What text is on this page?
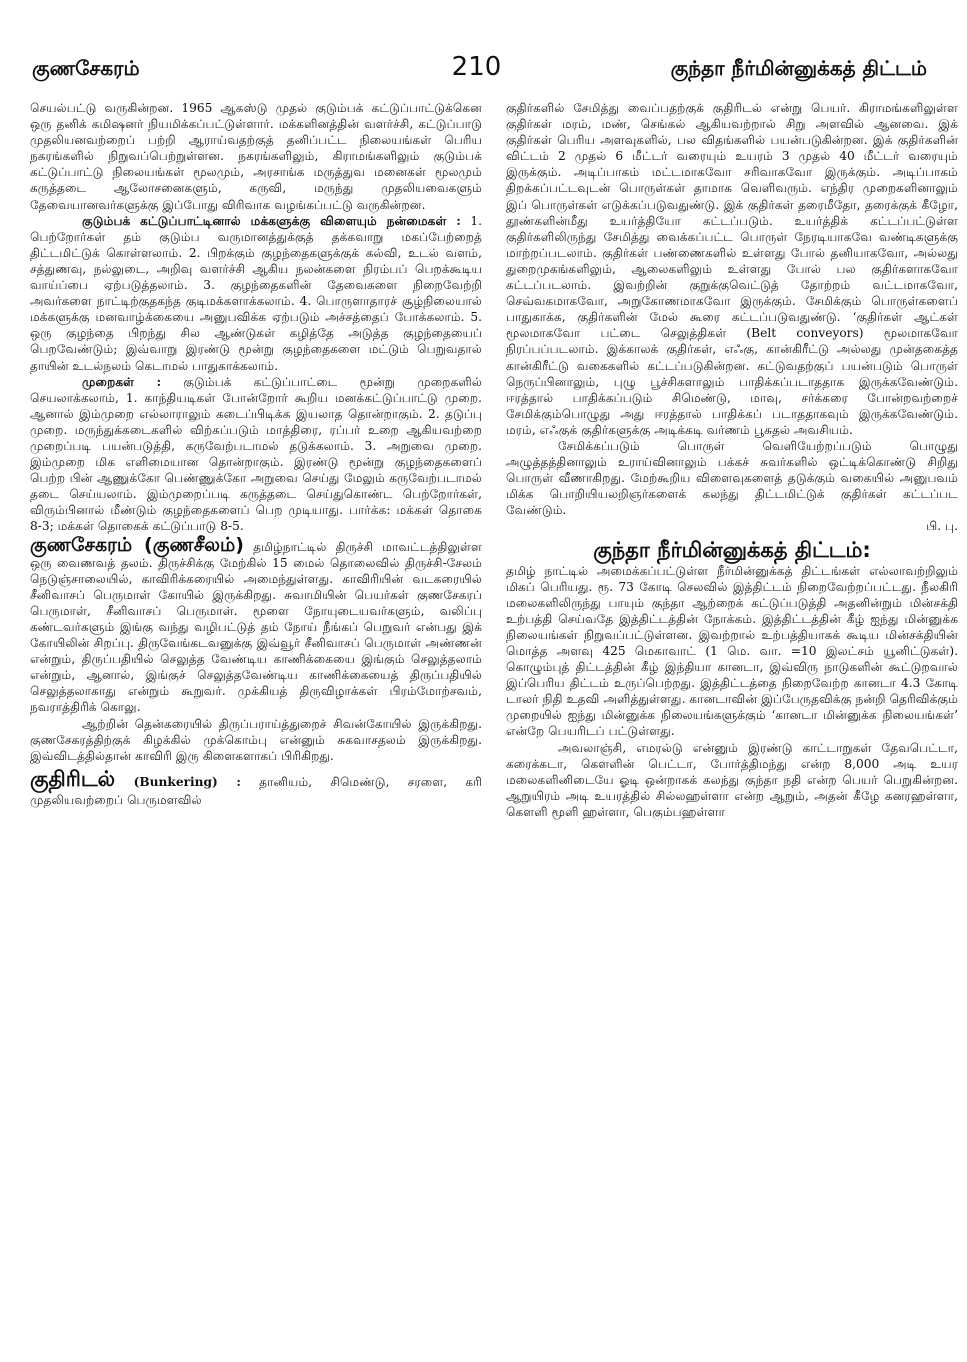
குணசேகரம்	210	குந்தா நீர்மின்னுக்கத் திட்டம்

செயல்பட்டு வருகின்றன. 1965 ஆகஸ்டு முதல் குடும்பக் கட்டுப்பாட்டுக்கென ஒரு தனிக் கமிஷனர் நியமிக்கப்பட்டுள்ளார். மக்களினத்தின் வளர்ச்சி, கட்டுப்பாடு முதலியனவற்றைப் பற்றி ஆராய்வதற்குத் தனிப்பட்ட நிலையங்கள் பெரிய நகரங்களில் நிறுவப்பெற்றுள்ளன. நகரங்களிலும், கிராமங்களிலும் குடும்பக் கட்டுப்பாட்டு நிலையங்கள் மூலமும், அரசாங்க மருத்துவ மனைகள் மூலமும் கருத்தடை ஆலோசனைகளும், கருவி, மருந்து முதலியவைகளும் தேவையானவர்களுக்கு இப்போது விரிவாக வழங்கப்பட்டு வருகின்றன.

குடும்பக் கட்டுப்பாட்டினால் மக்களுக்கு விளையும் நன்மைகள் : 1. பெற்றோர்கள் தம் குடும்ப வருமானத்துக்குத் தக்கவாறு மகப்பேற்றைத் திட்டமிட்டுக் கொள்ளலாம். 2. பிறக்கும் குழந்தைகளுக்குக் கல்வி, உடல் வளம், சத்துணவு, நல்லுடை, அறிவு வளர்ச்சி ஆகிய நலன்களை நிரம்பப் பெறக்கூடிய வாய்ப்பை ஏற்படுத்தலாம். 3. குழந்தைகளின் தேவைகளை நிறைவேற்றி அவர்களை நாட்டிற்குதகந்த குடிமக்களாக்கலாம். 4. பொருளாதாரச் சூழ்நிலையால் மக்களுக்கு மனவாழ்க்கையை அனுபவிக்க ஏற்படும் அச்சத்தைப் போக்கலாம். 5. ஒரு குழந்தை பிறந்து சில ஆண்டுகள் கழித்தே அடுத்த குழந்தையைப் பெறவேண்டும்; இவ்வாறு இரண்டு மூன்று குழந்தைகளை மட்டும் பெறுவதால் தாயின் உடல்நலம் கெடாமல் பாதுகாக்கலாம்.

முறைகள் : குடும்பக் கட்டுப்பாட்டை மூன்று முறைகளில் செயலாக்கலாம், 1. காந்தியடிகள் போன்றோர் கூறிய மனக்கட்டுப்பாட்டு முறை. ஆனால் இம்முறை எல்லாராலும் கடைப்பிடிக்க இயலாத தொன்றாகும். 2. தடுப்பு முறை. மருந்துக்கடைகளில் விற்கப்படும் மாத்திரை, ரப்பர் உறை ஆகியவற்றை முறைப்படி பயன்படுத்தி, கருவேற்படாமல் தடுக்கலாம். 3. அறுவை முறை. இம்முறை மிக எளிமையான தொன்றாகும். இரண்டு மூன்று குழந்தைகளைப் பெற்ற பின் ஆணுக்கோ பெண்ணுக்கோ அறுவை செய்து மேலும் கருவேற்படாமல் தடை செய்யலாம். இம்முறைப்படி கருத்தடை செய்துகொண்ட பெற்றோர்கள், விரும்பினால் மீண்டும் குழந்தைகளைப் பெற முடியாது. பார்க்க: மக்கள் தொகை 8-3; மக்கள் தொகைக் கட்டுப்பாடு 8-5.

குணசேகரம் (குணசீலம்) தமிழ்நாட்டில் திருச்சி மாவட்டத்திலுள்ள ஒரு வைணவத் தலம். திருச்சிக்கு மேற்கில் 15 மைல் தொலைவில் திருச்சி-சேலம் நெடுஞ்சாலையில், காவிரிக்கரையில் அமைந்துள்ளது. காவிரியின் வடகரையில் சீனிவாசப் பெருமாள் கோயில் இருக்கிறது. சுவாமியின் பெயர்கள் குணசேகரப் பெருமாள், சீனிவாசப் பெருமாள். மூளை நோயுடையவர்களும், வலிப்பு கண்டவர்களும் இங்கு வந்து வழிபட்டுத் தம் நோய் நீங்கப் பெறுவர் என்பது இக் கோயிலின் சிறப்பு. திருவேங்கடவனுக்கு இவ்வூர் சீனிவாசப் பெருமாள் அண்ணன் என்றும், திருப்பதியில் செலுத்த வேண்டிய காணிக்கையை இங்கும் செலுத்தலாம் என்றும், ஆனால், இங்குச் செலுத்தவேண்டிய காணிக்கையைத் திருப்பதியில் செலுத்தலாகாது என்றும் கூறுவர். முக்கியத் திருவிழாக்கள் பிரம்மோற்சவம், நவராத்திரிக் கொலு.

ஆற்றின் தென்கரையில் திருப்பராய்த்துறைச் சிவன்கோயில் இருக்கிறது. குணசேகரத்திற்குக் கிழக்கில் முக்கொம்பு என்னும் சுகவாசதலம் இருக்கிறது. இவ்விடத்தில்தான் காவிரி இரு கிளைகளாகப் பிரிகிறது.

குதிரிடல் (Bunkering) : தானியம், சிமெண்டு, சரளை, கரி முதலியவற்றைப் பெருமளவில்

குதிர்களில் சேமித்து வைப்பதற்குக் குதிரிடல் என்று பெயர். கிராமங்களிலுள்ள குதிர்கள் மரம், மண், செங்கல் ஆகியவற்றால் சிறு அளவில் ஆனவை. இக் குதிர்கள் பெரிய அளவுகளில், பல விதங்களில் பயன்படுகின்றன. இக் குதிர்களின் விட்டம் 2 முதல் 6 மீட்டர் வரையும் உயரம் 3 முதல் 40 மீட்டர் வரையும் இருக்கும். அடிப்பாகம் மட்டமாகவோ சரிவாகவோ இருக்கும். அடிப்பாகம் திறக்கப்பட்டவுடன் பொருள்கள் தாமாக வெளிவரும். எந்திர முறைகளினாலும் இப் பொருள்கள் எடுக்கப்படுவதுண்டு. இக் குதிர்கள் தரைமீதோ, தரைக்குக் கீழோ, தூண்களின்மீது உயர்த்தியோ கட்டப்படும். உயர்த்திக் கட்டப்பட்டுள்ள குதிர்களிலிருந்து சேமித்து வைக்கப்பட்ட பொருள் நேரடியாகவே வண்டிகளுக்கு மாற்றப்படலாம். குதிர்கள் பண்ணைகளில் உள்ளது போல் தனியாகவோ, அல்லது துறைமுகங்களிலும், ஆலைகளிலும் உள்ளது போல் பல குதிர்களாகவோ கட்டப்படலாம். இவற்றின் குறுக்குவெட்டுத் தோற்றம் வட்டமாகவோ, செவ்வகமாகவோ, அறுகோணமாகவோ இருக்கும். சேமிக்கும் பொருள்களைப் பாதுகாக்க, குதிர்களின் மேல் கூரை கட்டப்படுவதுண்டு. ‘குதிர்கள் ஆட்கள் மூலமாகவோ பட்டை செலுத்திகள் (Belt conveyors) மூலமாகவோ நிரப்பப்படலாம். இக்காலக் குதிர்கள், எஃகு, கான்கிரீட்டு அல்லது முன்தகைத்த கான்கிரீட்டு வகைகளில் கட்டப்படுகின்றன. கட்டுவதற்குப் பயன்படும் பொருள் நெருப்பினாலும், புழு பூச்சிகளாலும் பாதிக்கப்படாததாக இருக்கவேண்டும். ஈரத்தால் பாதிக்கப்படும் சிமெண்டு, மாவு, சர்க்கரை போன்றவற்றைச் சேமிக்கும்பொழுது அது ஈரத்தால் பாதிக்கப் படாததாகவும் இருக்கவேண்டும். மரம், எஃகுக் குதிர்களுக்கு அடிக்கடி வர்ணம் பூசுதல் அவசியம்.

சேமிக்கப்படும் பொருள் வெளியேற்றப்படும் பொழுது அழுத்தத்தினாலும் உராய்வினாலும் பக்கச் சுவர்களில் ஒட்டிக்கொண்டு சிறிது பொருள் வீணாகிறது. மேற்கூறிய விளைவுகளைத் தடுக்கும் வகையில் அனுபவம் மிக்க பொறியியலறிஞர்களைக் கலந்து திட்டமிட்டுக் குதிர்கள் கட்டப்பட வேண்டும்.

பி. பு.

குந்தா நீர்மின்னுக்கத் திட்டம்:

தமிழ் நாட்டில் அமைக்கப்பட்டுள்ள நீர்மின்னுக்கத் திட்டங்கள் எல்லாவற்றிலும் மிகப் பெரியது. ரூ. 73 கோடி செலவில் இத்திட்டம் நிறைவேற்றப்பட்டது. நீலகிரி மலைகளிலிருந்து பாயும் குந்தா ஆற்றைக் கட்டுப்படுத்தி அதனின்றும் மின்சக்தி உற்பத்தி செய்வதே இத்திட்டத்தின் நோக்கம். இத்திட்டத்தின் கீழ் ஐந்து மின்னுக்க நிலையங்கள் நிறுவப்பட்டுள்ளன. இவற்றால் உற்பத்தியாகக் கூடிய மின்சக்தியின் மொத்த அளவு 425 மெகாவாட் (1 மெ. வா. =10 இலட்சம் யூனிட்டுகள்). கொழும்புத் திட்டத்தின் கீழ் இந்தியா கானடா, இவ்விரு நாடுகளின் கூட்டுறவால் இப்பெரிய திட்டம் உருப்பெற்றது. இத்திட்டத்தை நிறைவேற்ற கானடா 4.3 கோடி டாலர் நிதி உதவி அளித்துள்ளது. கானடாவின் இப்பேருதவிக்கு நன்றி தெரிவிக்கும் முறையில் ஐந்து மின்னுக்க நிலையங்களுக்கும் ‘கானடா மின்னுக்க நிலையங்கள்’ என்றே பெயரிடப் பட்டுள்ளது.

அவலாஞ்சி, எமரல்டு என்னும் இரண்டு காட்டாறுகள் தேவபெட்டா, கரைக்கடா, கௌளின் பெட்டா, போர்த்திமந்து என்ற 8,000 அடி உயர மலைகளினிடையே ஓடி ஒன்றாகக் கலந்து குந்தா நதி என்ற பெயர் பெறுகின்றன. ஆறுயிரம் அடி உயரத்தில் சில்லஹள்ளா என்ற ஆறும், அதன் கீழே கனரஹள்ளா, கௌளி மூளி ஹள்ளா, பெகும்பஹள்ளா
